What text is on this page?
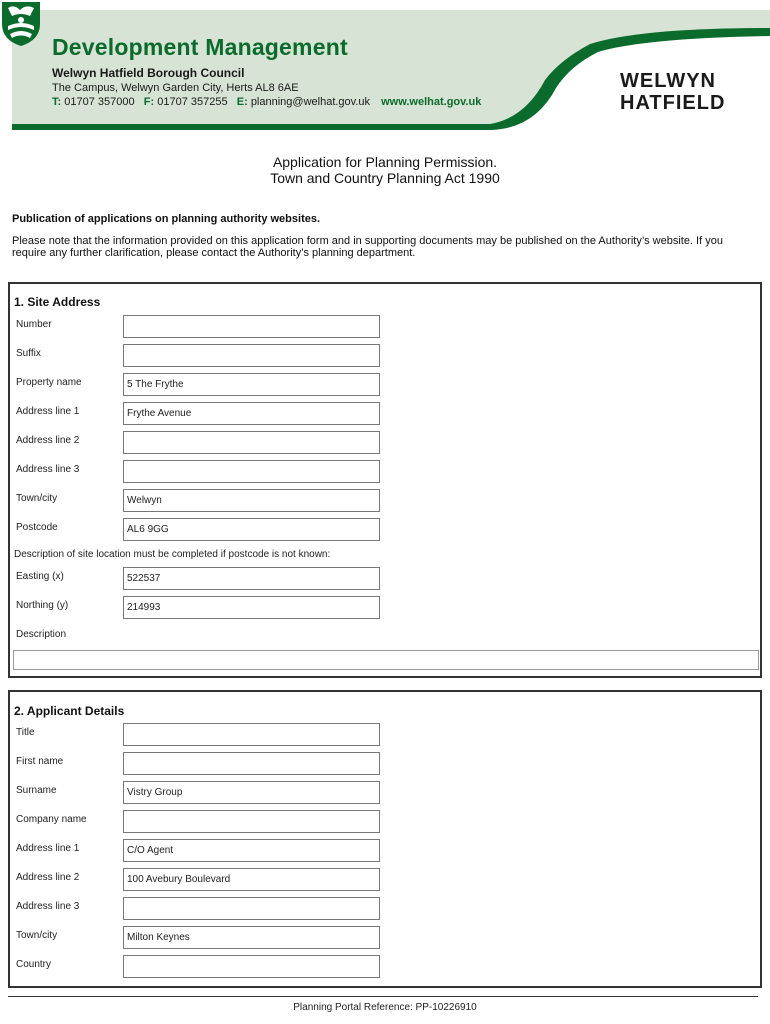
Development Management
Welwyn Hatfield Borough Council
The Campus, Welwyn Garden City, Herts AL8 6AE
T: 01707 357000 F: 01707 357255 E: planning@welhat.gov.uk www.welhat.gov.uk
WELWYN
HATFIELD
Application for Planning Permission.
Town and Country Planning Act 1990
Publication of applications on planning authority websites.
Please note that the information provided on this application form and in supporting documents may be published on the Authority’s website. If you require any further clarification, please contact the Authority’s planning department.
1. Site Address
Number
Suffix
Property name	5 The Frythe
Address line 1	Frythe Avenue
Address line 2
Address line 3
Town/city	Welwyn
Postcode	AL6 9GG
Description of site location must be completed if postcode is not known:
Easting (x)	522537
Northing (y)	214993
Description
2. Applicant Details
Title
First name
Surname	Vistry Group
Company name
Address line 1	C/O Agent
Address line 2	100 Avebury Boulevard
Address line 3
Town/city	Milton Keynes
Country
Planning Portal Reference: PP-10226910
